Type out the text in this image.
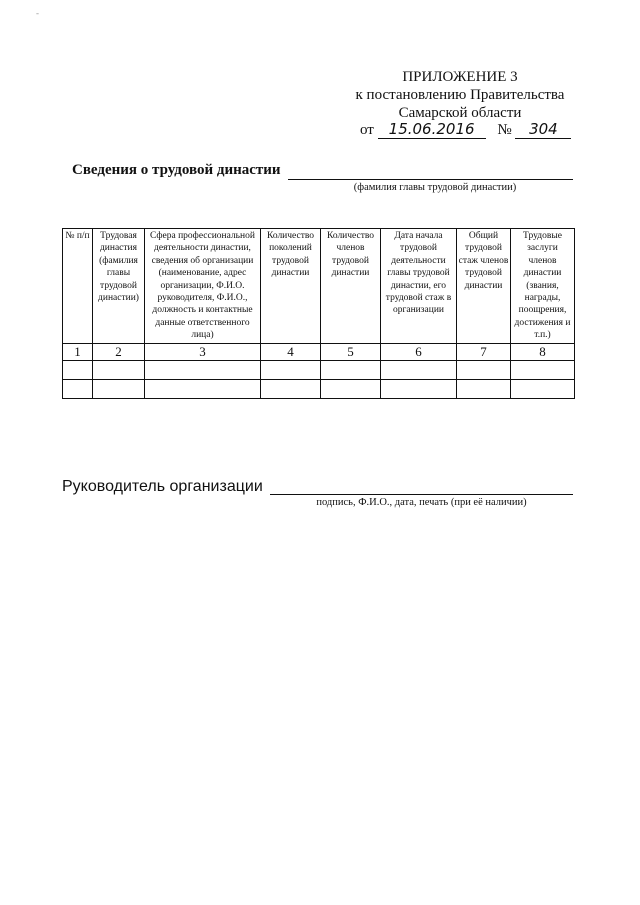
-
ПРИЛОЖЕНИЕ 3
к постановлению Правительства
Самарской области
от 15.06.2016 № 304
Сведения о трудовой династии
(фамилия главы трудовой династии)
№ п/п	Трудовая династия (фамилия главы трудовой династии)	Сфера профессиональной деятельности династии, сведения об организации (наименование, адрес организации, Ф.И.О. руководителя, Ф.И.О., должность и контактные данные ответственного лица)	Количество поколений трудовой династии	Количество членов трудовой династии	Дата начала трудовой деятельности главы трудовой династии, его трудовой стаж в организации	Общий трудовой стаж членов трудовой династии	Трудовые заслуги членов династии (звания, награды, поощрения, достижения и т.п.)
1	2	3	4	5	6	7	8

Руководитель организации
подпись, Ф.И.О., дата, печать (при её наличии)
